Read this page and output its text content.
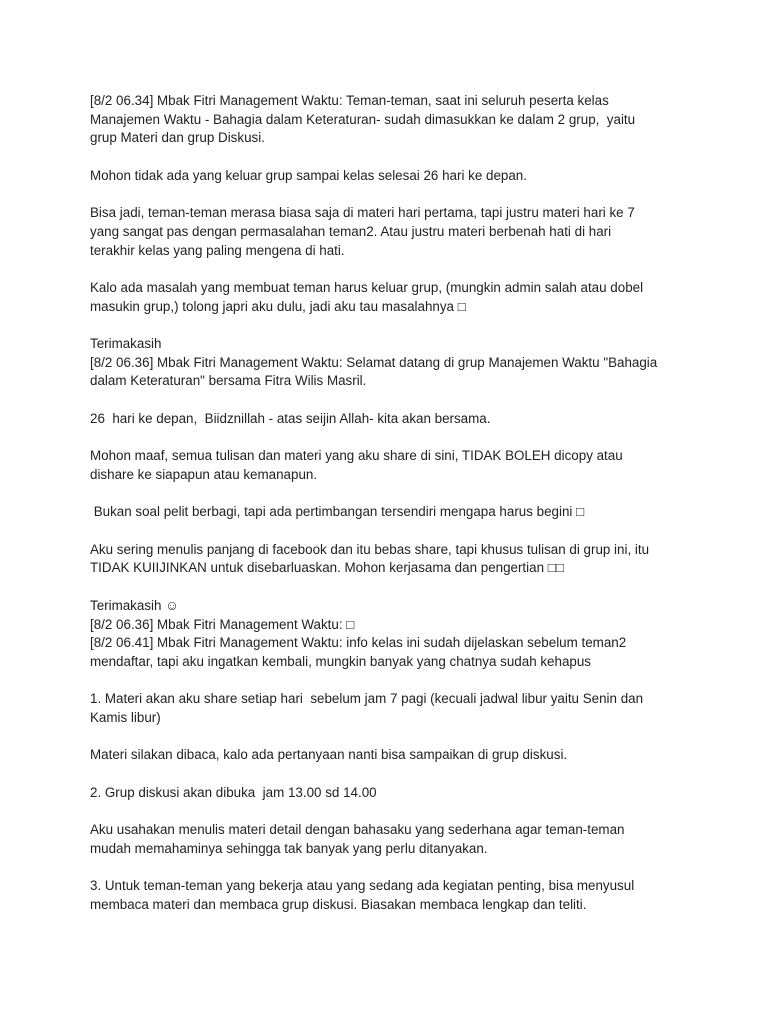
[8/2 06.34] Mbak Fitri Management Waktu: Teman-teman, saat ini seluruh peserta kelas
Manajemen Waktu - Bahagia dalam Keteraturan- sudah dimasukkan ke dalam 2 grup,  yaitu
grup Materi dan grup Diskusi.
Mohon tidak ada yang keluar grup sampai kelas selesai 26 hari ke depan.
Bisa jadi, teman-teman merasa biasa saja di materi hari pertama, tapi justru materi hari ke 7
yang sangat pas dengan permasalahan teman2. Atau justru materi berbenah hati di hari
terakhir kelas yang paling mengena di hati.
Kalo ada masalah yang membuat teman harus keluar grup, (mungkin admin salah atau dobel
masukin grup,) tolong japri aku dulu, jadi aku tau masalahnya □
Terimakasih
[8/2 06.36] Mbak Fitri Management Waktu: Selamat datang di grup Manajemen Waktu "Bahagia
dalam Keteraturan" bersama Fitra Wilis Masril.
26  hari ke depan,  Biidznillah - atas seijin Allah- kita akan bersama.
Mohon maaf, semua tulisan dan materi yang aku share di sini, TIDAK BOLEH dicopy atau
dishare ke siapapun atau kemanapun.
Bukan soal pelit berbagi, tapi ada pertimbangan tersendiri mengapa harus begini □
Aku sering menulis panjang di facebook dan itu bebas share, tapi khusus tulisan di grup ini, itu
TIDAK KUIIJINKAN untuk disebarluaskan. Mohon kerjasama dan pengertian □□
Terimakasih ☺
[8/2 06.36] Mbak Fitri Management Waktu: □
[8/2 06.41] Mbak Fitri Management Waktu: info kelas ini sudah dijelaskan sebelum teman2
mendaftar, tapi aku ingatkan kembali, mungkin banyak yang chatnya sudah kehapus
1. Materi akan aku share setiap hari  sebelum jam 7 pagi (kecuali jadwal libur yaitu Senin dan
Kamis libur)
Materi silakan dibaca, kalo ada pertanyaan nanti bisa sampaikan di grup diskusi.
2. Grup diskusi akan dibuka  jam 13.00 sd 14.00
Aku usahakan menulis materi detail dengan bahasaku yang sederhana agar teman-teman
mudah memahaminya sehingga tak banyak yang perlu ditanyakan.
3. Untuk teman-teman yang bekerja atau yang sedang ada kegiatan penting, bisa menyusul
membaca materi dan membaca grup diskusi. Biasakan membaca lengkap dan teliti.
